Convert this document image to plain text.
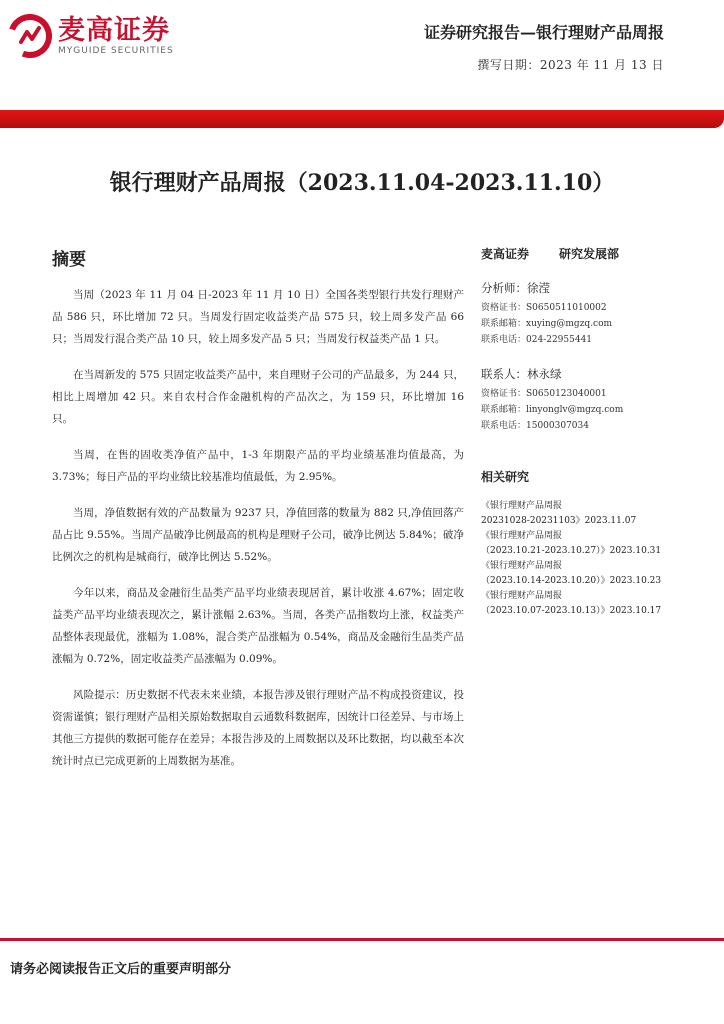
麦高证券
MYGUIDE SECURITIES
证券研究报告—银行理财产品周报
撰写日期：2023 年 11 月 13 日
银行理财产品周报（2023.11.04-2023.11.10）
摘要

当周（2023 年 11 月 04 日-2023 年 11 月 10 日）全国各类型银行共发行理财产品 586 只，环比增加 72 只。当周发行固定收益类产品 575 只，较上周多发产品 66 只；当周发行混合类产品 10 只，较上周多发产品 5 只；当周发行权益类产品 1 只。

在当周新发的 575 只固定收益类产品中，来自理财子公司的产品最多，为 244 只，相比上周增加 42 只。来自农村合作金融机构的产品次之，为 159 只，环比增加 16 只。

当周，在售的固收类净值产品中，1-3 年期限产品的平均业绩基准均值最高，为 3.73%；每日产品的平均业绩比较基准均值最低，为 2.95%。

当周，净值数据有效的产品数量为 9237 只，净值回落的数量为 882 只,净值回落产品占比 9.55%。当周产品破净比例最高的机构是理财子公司，破净比例达 5.84%；破净比例次之的机构是城商行，破净比例达 5.52%。

今年以来，商品及金融衍生品类产品平均业绩表现居首，累计收涨 4.67%；固定收益类产品平均业绩表现次之，累计涨幅 2.63%。当周，各类产品指数均上涨，权益类产品整体表现最优，涨幅为 1.08%，混合类产品涨幅为 0.54%，商品及金融衍生品类产品涨幅为 0.72%，固定收益类产品涨幅为 0.09%。

风险提示：历史数据不代表未来业绩，本报告涉及银行理财产品不构成投资建议，投资需谨慎；银行理财产品相关原始数据取自云通数科数据库，因统计口径差异、与市场上其他三方提供的数据可能存在差异；本报告涉及的上周数据以及环比数据，均以截至本次统计时点已完成更新的上周数据为基准。

麦高证券	研究发展部
分析师：徐滢
资格证书：S0650511010002
联系邮箱：xuying@mgzq.com
联系电话：024-22955441
联系人：林永绿
资格证书：S0650123040001
联系邮箱：linyonglv@mgzq.com
联系电话：15000307034
相关研究
《银行理财产品周报
20231028-20231103》2023.11.07
《银行理财产品周报
（2023.10.21-2023.10.27）》2023.10.31
《银行理财产品周报
（2023.10.14-2023.10.20）》2023.10.23
《银行理财产品周报
（2023.10.07-2023.10.13）》2023.10.17
请务必阅读报告正文后的重要声明部分
